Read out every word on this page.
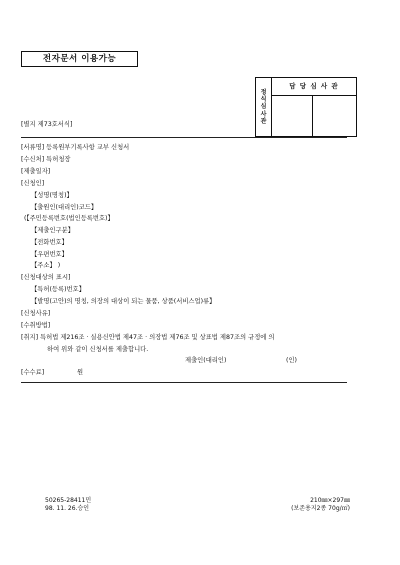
전자문서 이용가능
정
식
심
사
관
담 당 심 사 관
[별지 제73호서식]
[서류명] 등록원부기록사항 교부 신청서
[수신처] 특허청장
[제출일자]
[신청인]
【성명(명칭)】
【출원인(대리인)코드】
(【주민등록번호(법인등록번호)】
【제출인구분】
【전화번호】
【우편번호】
【주소】 )
[신청대상의 표시]
【특허(등록)번호】
【발명(고안)의 명칭, 의장의 대상이 되는 물품, 상품(서비스업)류】
[신청사유]
[수취방법]
[취지] 특허법 제216조 · 실용신안법 제47조 · 의장법 제76조 및 상표법 제87조의 규정에 의
하여 위와 같이 신청서를 제출합니다.
제출인(대리인)	(인)
[수수료]	원
50265-28411민
98. 11. 26.승인
210㎜×297㎜
(보존용지2종 70g/㎡)
